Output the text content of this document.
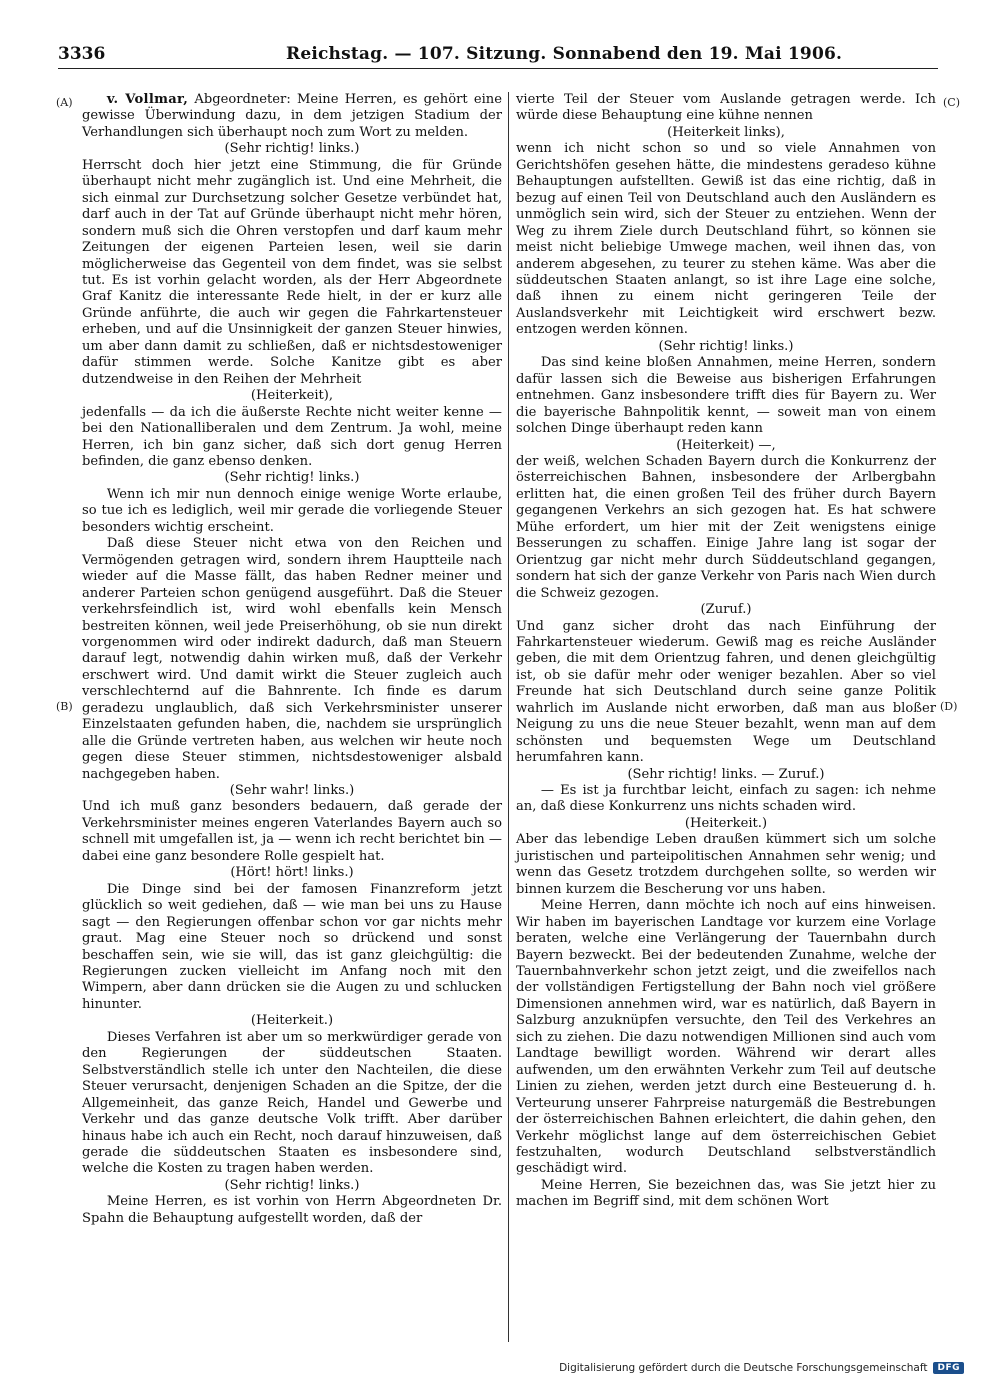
3336	Reichstag. — 107. Sitzung. Sonnabend den 19. Mai 1906.
(A)
(B)
(C)
(D)

v. Vollmar, Abgeordneter: Meine Herren, es gehört eine gewisse Überwindung dazu, in dem jetzigen Stadium der Verhandlungen sich überhaupt noch zum Wort zu melden.

(Sehr richtig! links.)

Herrscht doch hier jetzt eine Stimmung, die für Gründe überhaupt nicht mehr zugänglich ist. Und eine Mehrheit, die sich einmal zur Durchsetzung solcher Gesetze verbündet hat, darf auch in der Tat auf Gründe überhaupt nicht mehr hören, sondern muß sich die Ohren verstopfen und darf kaum mehr Zeitungen der eigenen Parteien lesen, weil sie darin möglicherweise das Gegenteil von dem findet, was sie selbst tut. Es ist vorhin gelacht worden, als der Herr Abgeordnete Graf Kanitz die interessante Rede hielt, in der er kurz alle Gründe anführte, die auch wir gegen die Fahrkartensteuer erheben, und auf die Unsinnigkeit der ganzen Steuer hinwies, um aber dann damit zu schließen, daß er nichtsdestoweniger dafür stimmen werde. Solche Kanitze gibt es aber dutzendweise in den Reihen der Mehrheit

(Heiterkeit),

jedenfalls — da ich die äußerste Rechte nicht weiter kenne — bei den Nationalliberalen und dem Zentrum. Ja wohl, meine Herren, ich bin ganz sicher, daß sich dort genug Herren befinden, die ganz ebenso denken.

(Sehr richtig! links.)

Wenn ich mir nun dennoch einige wenige Worte erlaube, so tue ich es lediglich, weil mir gerade die vorliegende Steuer besonders wichtig erscheint.

Daß diese Steuer nicht etwa von den Reichen und Vermögenden getragen wird, sondern ihrem Hauptteile nach wieder auf die Masse fällt, das haben Redner meiner und anderer Parteien schon genügend ausgeführt. Daß die Steuer verkehrsfeindlich ist, wird wohl ebenfalls kein Mensch bestreiten können, weil jede Preiserhöhung, ob sie nun direkt vorgenommen wird oder indirekt dadurch, daß man Steuern darauf legt, notwendig dahin wirken muß, daß der Verkehr erschwert wird. Und damit wirkt die Steuer zugleich auch verschlechternd auf die Bahnrente. Ich finde es darum geradezu unglaublich, daß sich Verkehrsminister unserer Einzelstaaten gefunden haben, die, nachdem sie ursprünglich alle die Gründe vertreten haben, aus welchen wir heute noch gegen diese Steuer stimmen, nichtsdestoweniger alsbald nachgegeben haben.

(Sehr wahr! links.)

Und ich muß ganz besonders bedauern, daß gerade der Verkehrsminister meines engeren Vaterlandes Bayern auch so schnell mit umgefallen ist, ja — wenn ich recht berichtet bin — dabei eine ganz besondere Rolle gespielt hat.

(Hört! hört! links.)

Die Dinge sind bei der famosen Finanzreform jetzt glücklich so weit gediehen, daß — wie man bei uns zu Hause sagt — den Regierungen offenbar schon vor gar nichts mehr graut. Mag eine Steuer noch so drückend und sonst beschaffen sein, wie sie will, das ist ganz gleichgültig: die Regierungen zucken vielleicht im Anfang noch mit den Wimpern, aber dann drücken sie die Augen zu und schlucken hinunter.

(Heiterkeit.)

Dieses Verfahren ist aber um so merkwürdiger gerade von den Regierungen der süddeutschen Staaten. Selbstverständlich stelle ich unter den Nachteilen, die diese Steuer verursacht, denjenigen Schaden an die Spitze, der die Allgemeinheit, das ganze Reich, Handel und Gewerbe und Verkehr und das ganze deutsche Volk trifft. Aber darüber hinaus habe ich auch ein Recht, noch darauf hinzuweisen, daß gerade die süddeutschen Staaten es insbesondere sind, welche die Kosten zu tragen haben werden.

(Sehr richtig! links.)

Meine Herren, es ist vorhin von Herrn Abgeordneten Dr. Spahn die Behauptung aufgestellt worden, daß der

vierte Teil der Steuer vom Auslande getragen werde. Ich würde diese Behauptung eine kühne nennen

(Heiterkeit links),

wenn ich nicht schon so und so viele Annahmen von Gerichtshöfen gesehen hätte, die mindestens geradeso kühne Behauptungen aufstellten. Gewiß ist das eine richtig, daß in bezug auf einen Teil von Deutschland auch den Ausländern es unmöglich sein wird, sich der Steuer zu entziehen. Wenn der Weg zu ihrem Ziele durch Deutschland führt, so können sie meist nicht beliebige Umwege machen, weil ihnen das, von anderem abgesehen, zu teurer zu stehen käme. Was aber die süddeutschen Staaten anlangt, so ist ihre Lage eine solche, daß ihnen zu einem nicht geringeren Teile der Auslandsverkehr mit Leichtigkeit wird erschwert bezw. entzogen werden können.

(Sehr richtig! links.)

Das sind keine bloßen Annahmen, meine Herren, sondern dafür lassen sich die Beweise aus bisherigen Erfahrungen entnehmen. Ganz insbesondere trifft dies für Bayern zu. Wer die bayerische Bahnpolitik kennt, — soweit man von einem solchen Dinge überhaupt reden kann

(Heiterkeit) —,

der weiß, welchen Schaden Bayern durch die Konkurrenz der österreichischen Bahnen, insbesondere der Arlbergbahn erlitten hat, die einen großen Teil des früher durch Bayern gegangenen Verkehrs an sich gezogen hat. Es hat schwere Mühe erfordert, um hier mit der Zeit wenigstens einige Besserungen zu schaffen. Einige Jahre lang ist sogar der Orientzug gar nicht mehr durch Süddeutschland gegangen, sondern hat sich der ganze Verkehr von Paris nach Wien durch die Schweiz gezogen.

(Zuruf.)

Und ganz sicher droht das nach Einführung der Fahrkartensteuer wiederum. Gewiß mag es reiche Ausländer geben, die mit dem Orientzug fahren, und denen gleichgültig ist, ob sie dafür mehr oder weniger bezahlen. Aber so viel Freunde hat sich Deutschland durch seine ganze Politik wahrlich im Auslande nicht erworben, daß man aus bloßer Neigung zu uns die neue Steuer bezahlt, wenn man auf dem schönsten und bequemsten Wege um Deutschland herumfahren kann.

(Sehr richtig! links. — Zuruf.)

— Es ist ja furchtbar leicht, einfach zu sagen: ich nehme an, daß diese Konkurrenz uns nichts schaden wird.

(Heiterkeit.)

Aber das lebendige Leben draußen kümmert sich um solche juristischen und parteipolitischen Annahmen sehr wenig; und wenn das Gesetz trotzdem durchgehen sollte, so werden wir binnen kurzem die Bescherung vor uns haben.

Meine Herren, dann möchte ich noch auf eins hinweisen. Wir haben im bayerischen Landtage vor kurzem eine Vorlage beraten, welche eine Verlängerung der Tauernbahn durch Bayern bezweckt. Bei der bedeutenden Zunahme, welche der Tauernbahnverkehr schon jetzt zeigt, und die zweifellos nach der vollständigen Fertigstellung der Bahn noch viel größere Dimensionen annehmen wird, war es natürlich, daß Bayern in Salzburg anzuknüpfen versuchte, den Teil des Verkehres an sich zu ziehen. Die dazu notwendigen Millionen sind auch vom Landtage bewilligt worden. Während wir derart alles aufwenden, um den erwähnten Verkehr zum Teil auf deutsche Linien zu ziehen, werden jetzt durch eine Besteuerung d. h. Verteurung unserer Fahrpreise naturgemäß die Bestrebungen der österreichischen Bahnen erleichtert, die dahin gehen, den Verkehr möglichst lange auf dem österreichischen Gebiet festzuhalten, wodurch Deutschland selbstverständlich geschädigt wird.

Meine Herren, Sie bezeichnen das, was Sie jetzt hier zu machen im Begriff sind, mit dem schönen Wort

Digitalisierung gefördert durch die Deutsche Forschungsgemeinschaft	DFG
